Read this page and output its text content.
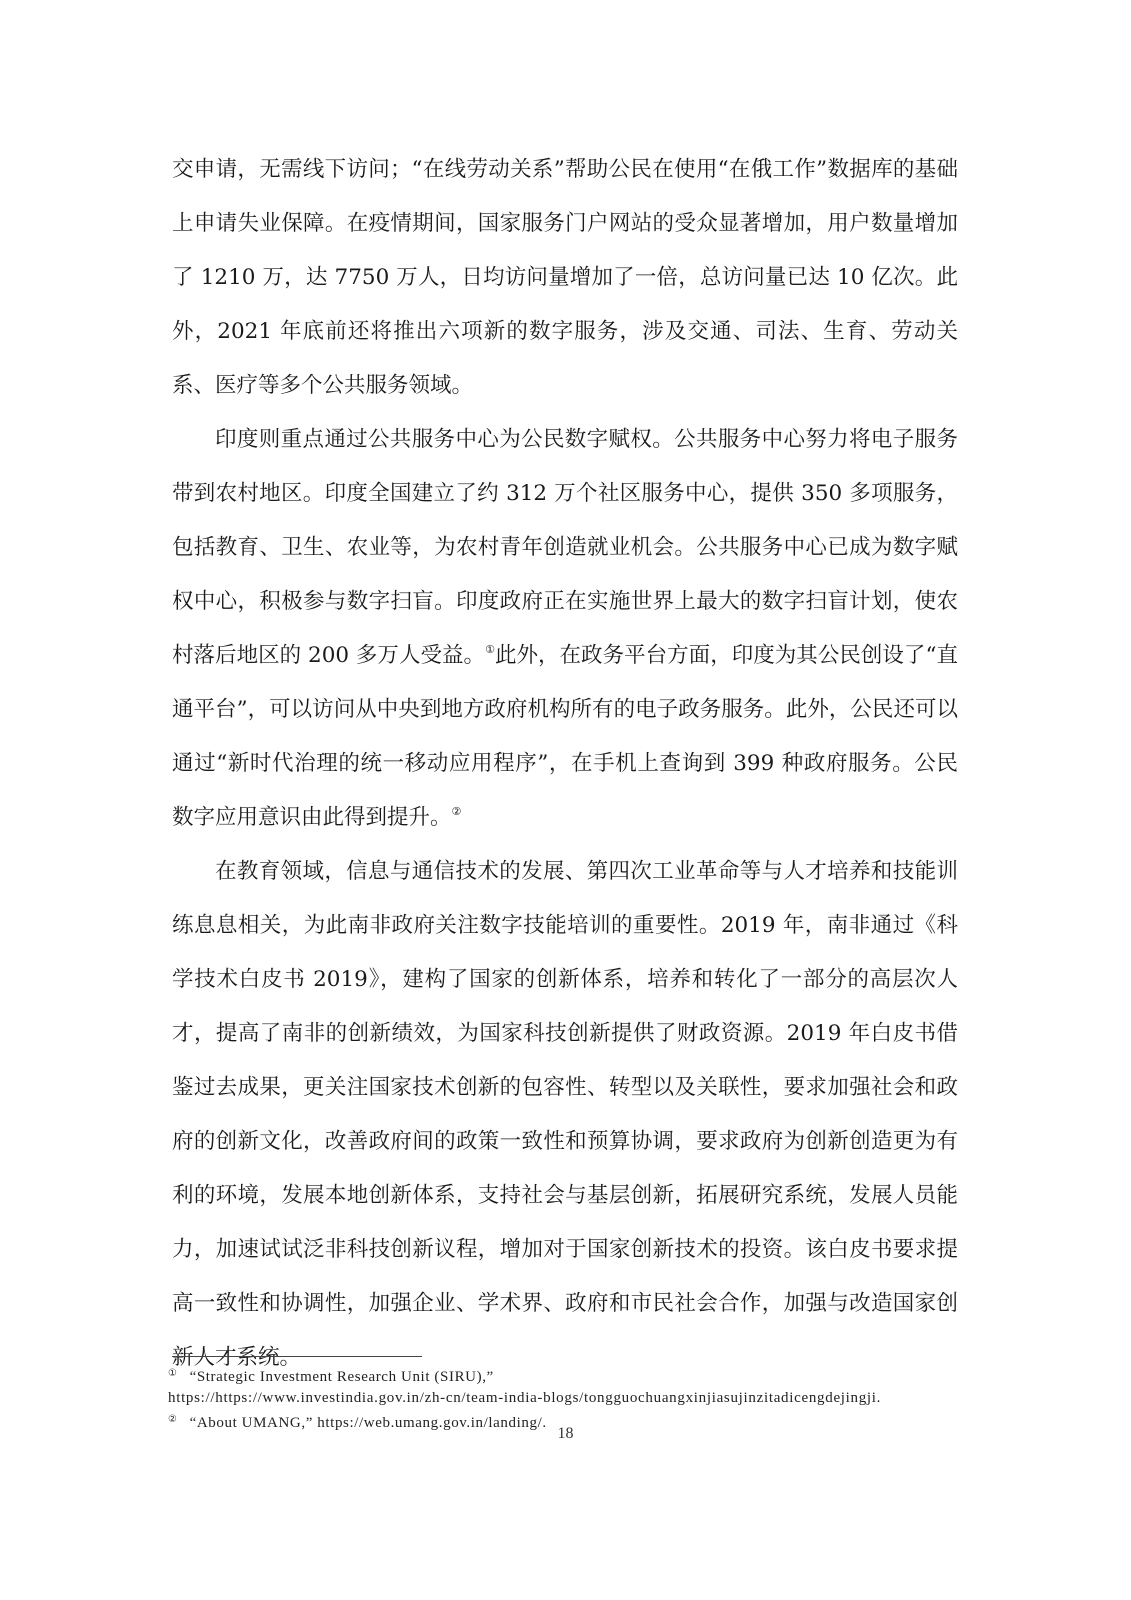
交申请，无需线下访问；“在线劳动关系”帮助公民在使用“在俄工作”数据库的基础上申请失业保障。在疫情期间，国家服务门户网站的受众显著增加，用户数量增加了 1210 万，达 7750 万人，日均访问量增加了一倍，总访问量已达 10 亿次。此外，2021 年底前还将推出六项新的数字服务，涉及交通、司法、生育、劳动关系、医疗等多个公共服务领域。

印度则重点通过公共服务中心为公民数字赋权。公共服务中心努力将电子服务带到农村地区。印度全国建立了约 312 万个社区服务中心，提供 350 多项服务，包括教育、卫生、农业等，为农村青年创造就业机会。公共服务中心已成为数字赋权中心，积极参与数字扫盲。印度政府正在实施世界上最大的数字扫盲计划，使农村落后地区的 200 多万人受益。①此外，在政务平台方面，印度为其公民创设了“直通平台”，可以访问从中央到地方政府机构所有的电子政务服务。此外，公民还可以通过“新时代治理的统一移动应用程序”，在手机上查询到 399 种政府服务。公民数字应用意识由此得到提升。②

在教育领域，信息与通信技术的发展、第四次工业革命等与人才培养和技能训练息息相关，为此南非政府关注数字技能培训的重要性。2019 年，南非通过《科学技术白皮书 2019》，建构了国家的创新体系，培养和转化了一部分的高层次人才，提高了南非的创新绩效，为国家科技创新提供了财政资源。2019 年白皮书借鉴过去成果，更关注国家技术创新的包容性、转型以及关联性，要求加强社会和政府的创新文化，改善政府间的政策一致性和预算协调，要求政府为创新创造更为有利的环境，发展本地创新体系，支持社会与基层创新，拓展研究系统，发展人员能力，加速试试泛非科技创新议程，增加对于国家创新技术的投资。该白皮书要求提高一致性和协调性，加强企业、学术界、政府和市民社会合作，加强与改造国家创新人才系统。

① “Strategic Investment Research Unit (SIRU),”
https://https://www.investindia.gov.in/zh-cn/team-india-blogs/tongguochuangxinjiasujinzitadicengdejingji.

② “About UMANG,” https://web.umang.gov.in/landing/.

18
